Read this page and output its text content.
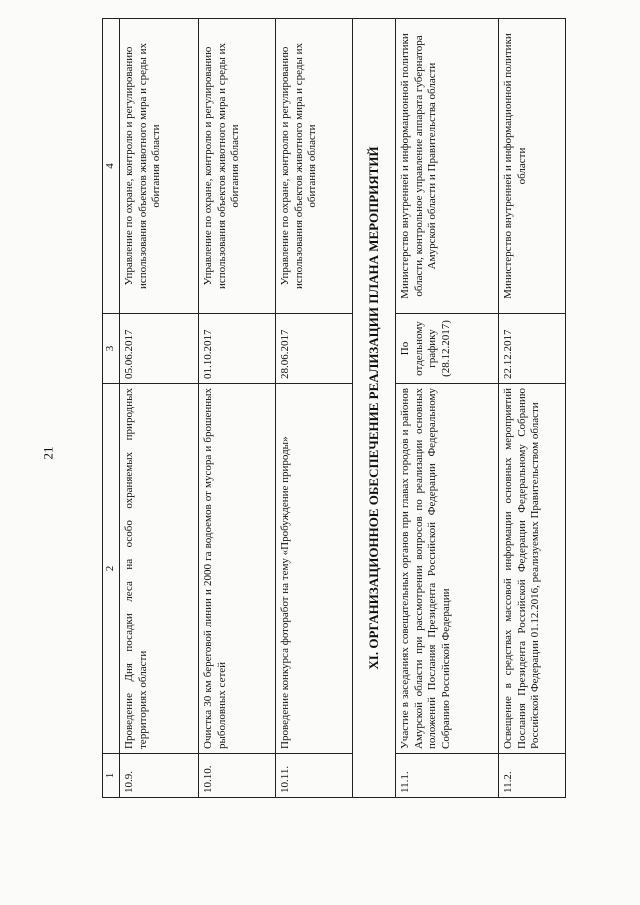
21
1	2	3	4
10.9.	Проведение Дня посадки леса на особо охраняемых природных территориях области	05.06.2017	Управление по охране, контролю и регулированию использования объектов животного мира и среды их обитания области
10.10.	Очистка 30 км береговой линии и 2000 га водоемов от мусора и брошенных рыболовных сетей	01.10.2017	Управление по охране, контролю и регулированию использования объектов животного мира и среды их обитания области
10.11.	Проведение конкурса фоторабот на тему «Пробуждение природы»	28.06.2017	Управление по охране, контролю и регулированию использования объектов животного мира и среды их обитания области
XI. ОРГАНИЗАЦИОННОЕ ОБЕСПЕЧЕНИЕ РЕАЛИЗАЦИИ ПЛАНА МЕРОПРИЯТИЙ			
11.1.	Участие в заседаниях совещательных органов при главах городов и районов Амурской области при рассмотрении вопросов по реализации основных положений Послания Президента Российской Федерации Федеральному Собранию Российской Федерации	По отдельному графику (28.12.2017)	Министерство внутренней и информационной политики области, контрольное управление аппарата губернатора Амурской области и Правительства области
11.2.	Освещение в средствах массовой информации основных мероприятий Послания Президента Российской Федерации Федеральному Собранию Российской Федерации 01.12.2016, реализуемых Правительством области	22.12.2017	Министерство внутренней и информационной политики области
